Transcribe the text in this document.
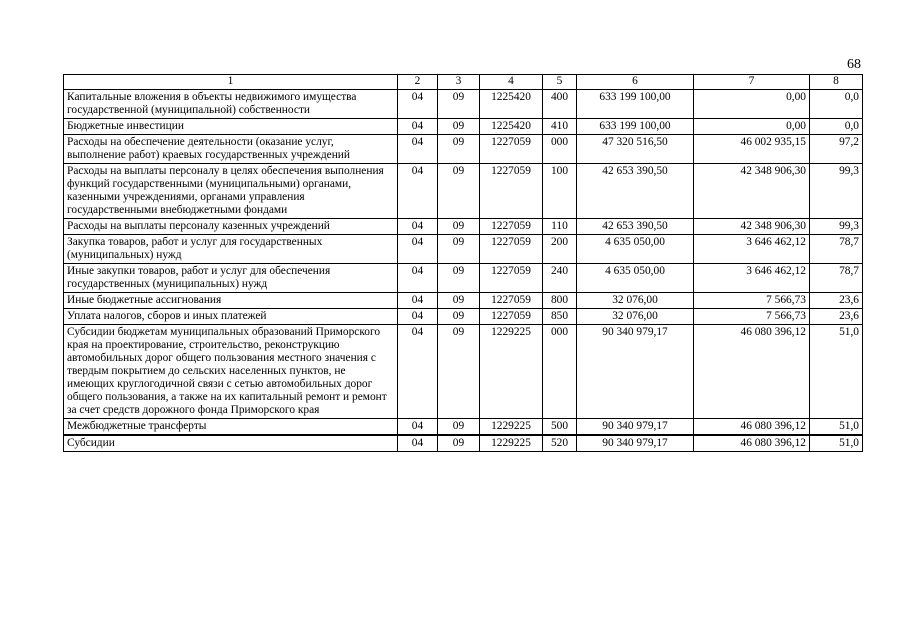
68
1	2	3	4	5	6	7	8
Капитальные вложения в объекты недвижимого имущества государственной (муниципальной) собственности	04	09	1225420	400	633 199 100,00	0,00	0,0
Бюджетные инвестиции	04	09	1225420	410	633 199 100,00	0,00	0,0
Расходы на обеспечение деятельности (оказание услуг, выполнение работ) краевых государственных учреждений	04	09	1227059	000	47 320 516,50	46 002 935,15	97,2
Расходы на выплаты персоналу в целях обеспечения выполнения функций государственными (муниципальными) органами, казенными учреждениями, органами управления государственными внебюджетными фондами	04	09	1227059	100	42 653 390,50	42 348 906,30	99,3
Расходы на выплаты персоналу казенных учреждений	04	09	1227059	110	42 653 390,50	42 348 906,30	99,3
Закупка товаров, работ и услуг для государственных (муниципальных) нужд	04	09	1227059	200	4 635 050,00	3 646 462,12	78,7
Иные закупки товаров, работ и услуг для обеспечения государственных (муниципальных) нужд	04	09	1227059	240	4 635 050,00	3 646 462,12	78,7
Иные бюджетные ассигнования	04	09	1227059	800	32 076,00	7 566,73	23,6
Уплата налогов, сборов и иных платежей	04	09	1227059	850	32 076,00	7 566,73	23,6
Субсидии бюджетам муниципальных образований Приморского края на проектирование, строительство, реконструкцию автомобильных дорог общего пользования местного значения с твердым покрытием до сельских населенных пунктов, не имеющих круглогодичной связи с сетью автомобильных дорог общего пользования, а также на их капитальный ремонт и ремонт за счет средств дорожного фонда Приморского края	04	09	1229225	000	90 340 979,17	46 080 396,12	51,0
Межбюджетные трансферты	04	09	1229225	500	90 340 979,17	46 080 396,12	51,0
Субсидии	04	09	1229225	520	90 340 979,17	46 080 396,12	51,0
